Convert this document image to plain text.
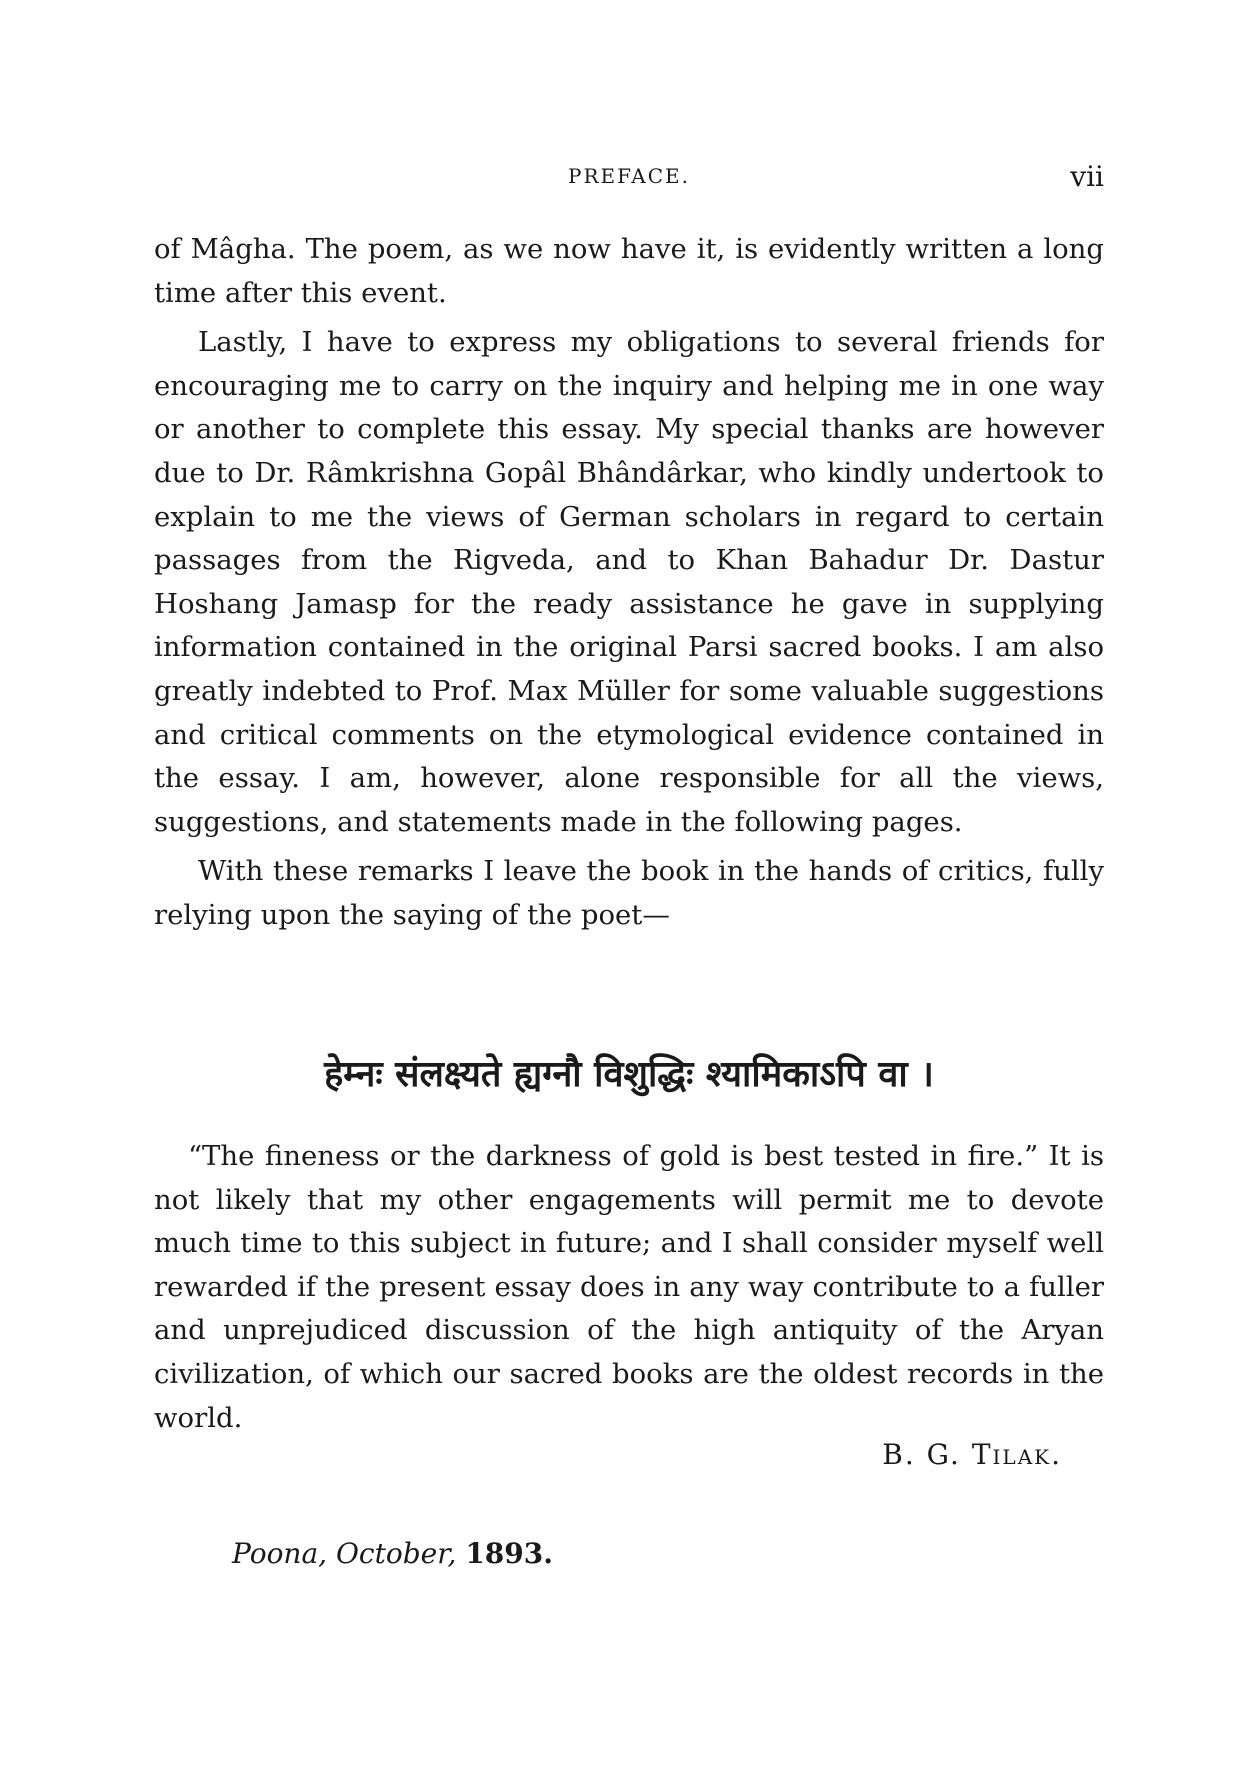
PREFACE.	vii

of Mâgha. The poem, as we now have it, is evidently written a long time after this event.

Lastly, I have to express my obligations to several friends for encouraging me to carry on the inquiry and helping me in one way or another to complete this essay. My special thanks are however due to Dr. Râmkrishna Gopâl Bhândârkar, who kindly undertook to explain to me the views of German scholars in regard to certain passages from the Rigveda, and to Khan Bahadur Dr. Dastur Hoshang Jamasp for the ready assistance he gave in supplying information contained in the original Parsi sacred books. I am also greatly indebted to Prof. Max Müller for some valuable suggestions and critical comments on the etymological evidence contained in the essay. I am, however, alone responsible for all the views, suggestions, and statements made in the following pages.

With these remarks I leave the book in the hands of critics, fully relying upon the saying of the poet—

हेम्नः संलक्ष्यते ह्यग्नौ विशुद्धिः श्यामिकाऽपि वा ।

“The fineness or the darkness of gold is best tested in fire.” It is not likely that my other engagements will permit me to devote much time to this subject in future; and I shall consider myself well rewarded if the present essay does in any way contribute to a fuller and unprejudiced discussion of the high antiquity of the Aryan civilization, of which our sacred books are the oldest records in the world.

B. G. Tilak.
Poona, October, 1893.
